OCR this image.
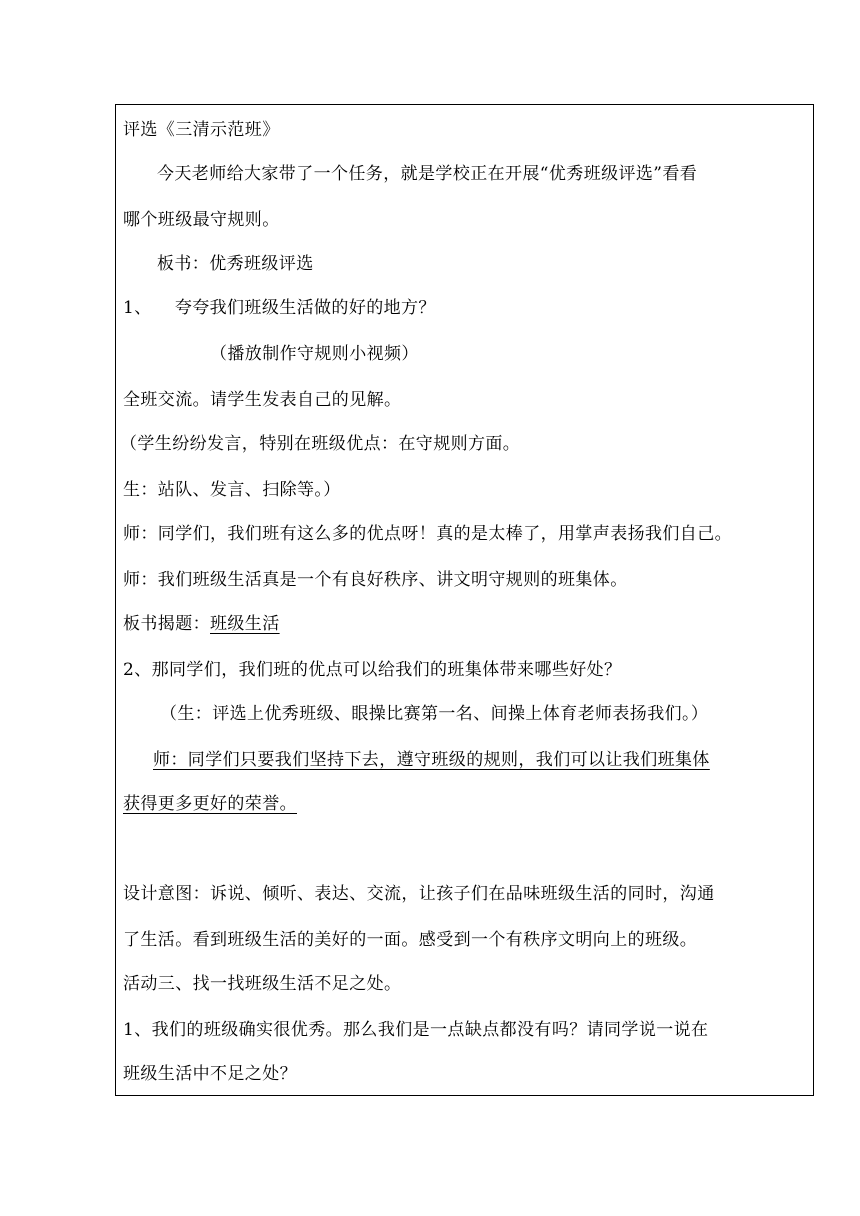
评选《三清示范班》
今天老师给大家带了一个任务，就是学校正在开展“优秀班级评选”看看
哪个班级最守规则。
板书：优秀班级评选
1、    夸夸我们班级生活做的好的地方？
（播放制作守规则小视频）
全班交流。请学生发表自己的见解。
（学生纷纷发言，特别在班级优点：在守规则方面。
生：站队、发言、扫除等。）
师：同学们，我们班有这么多的优点呀！真的是太棒了，用掌声表扬我们自己。
师：我们班级生活真是一个有良好秩序、讲文明守规则的班集体。
板书揭题：班级生活
2、那同学们，我们班的优点可以给我们的班集体带来哪些好处？
（生：评选上优秀班级、眼操比赛第一名、间操上体育老师表扬我们。）
师：同学们只要我们坚持下去，遵守班级的规则，我们可以让我们班集体
获得更多更好的荣誉。
设计意图：诉说、倾听、表达、交流，让孩子们在品味班级生活的同时，沟通
了生活。看到班级生活的美好的一面。感受到一个有秩序文明向上的班级。
活动三、找一找班级生活不足之处。
1、我们的班级确实很优秀。那么我们是一点缺点都没有吗？请同学说一说在
班级生活中不足之处？
